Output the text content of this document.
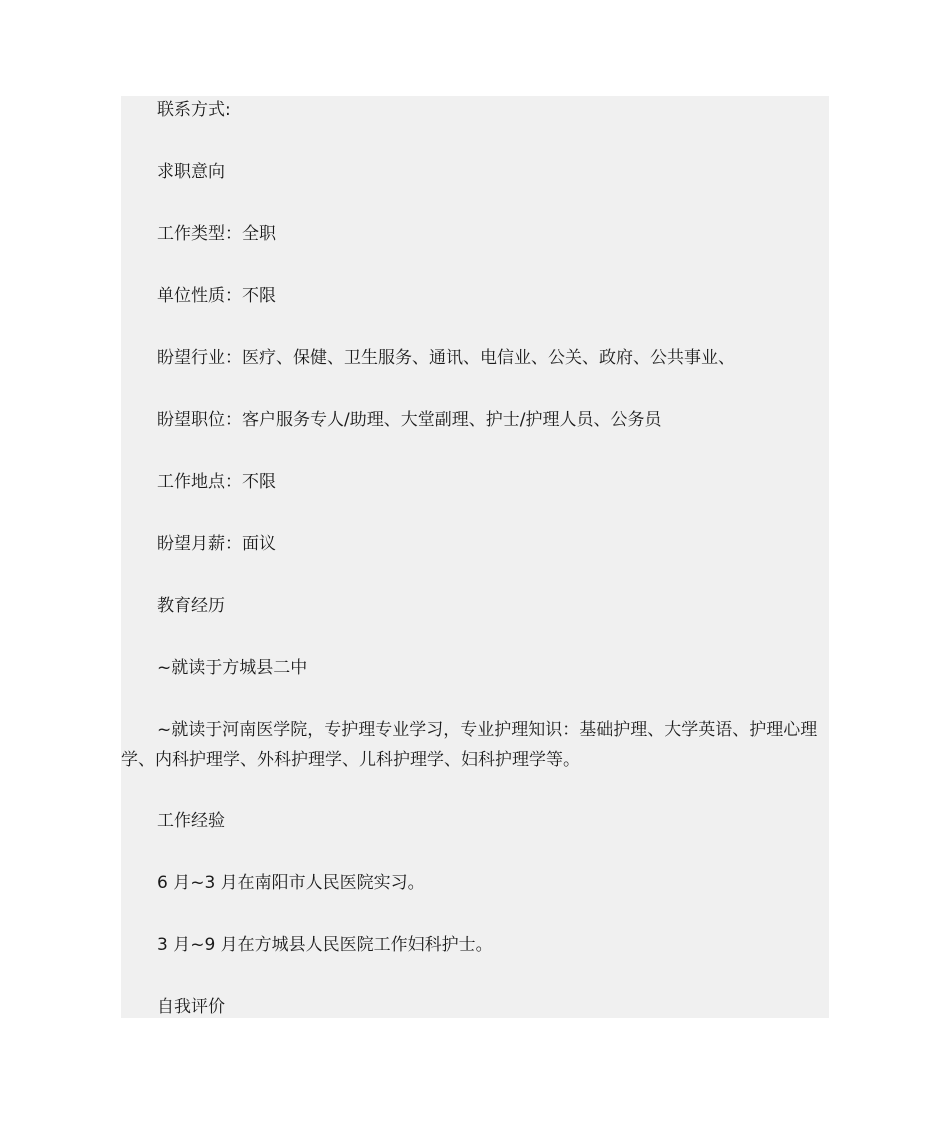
联系方式:
求职意向
工作类型：全职
单位性质：不限
盼望行业：医疗、保健、卫生服务、通讯、电信业、公关、政府、公共事业、
盼望职位：客户服务专人/助理、大堂副理、护士/护理人员、公务员
工作地点：不限
盼望月薪：面议
教育经历
~就读于方城县二中
~就读于河南医学院，专护理专业学习，专业护理知识：基础护理、大学英语、护理心理学、内科护理学、外科护理学、儿科护理学、妇科护理学等。
工作经验
6 月~3 月在南阳市人民医院实习。
3 月~9 月在方城县人民医院工作妇科护士。
自我评价
